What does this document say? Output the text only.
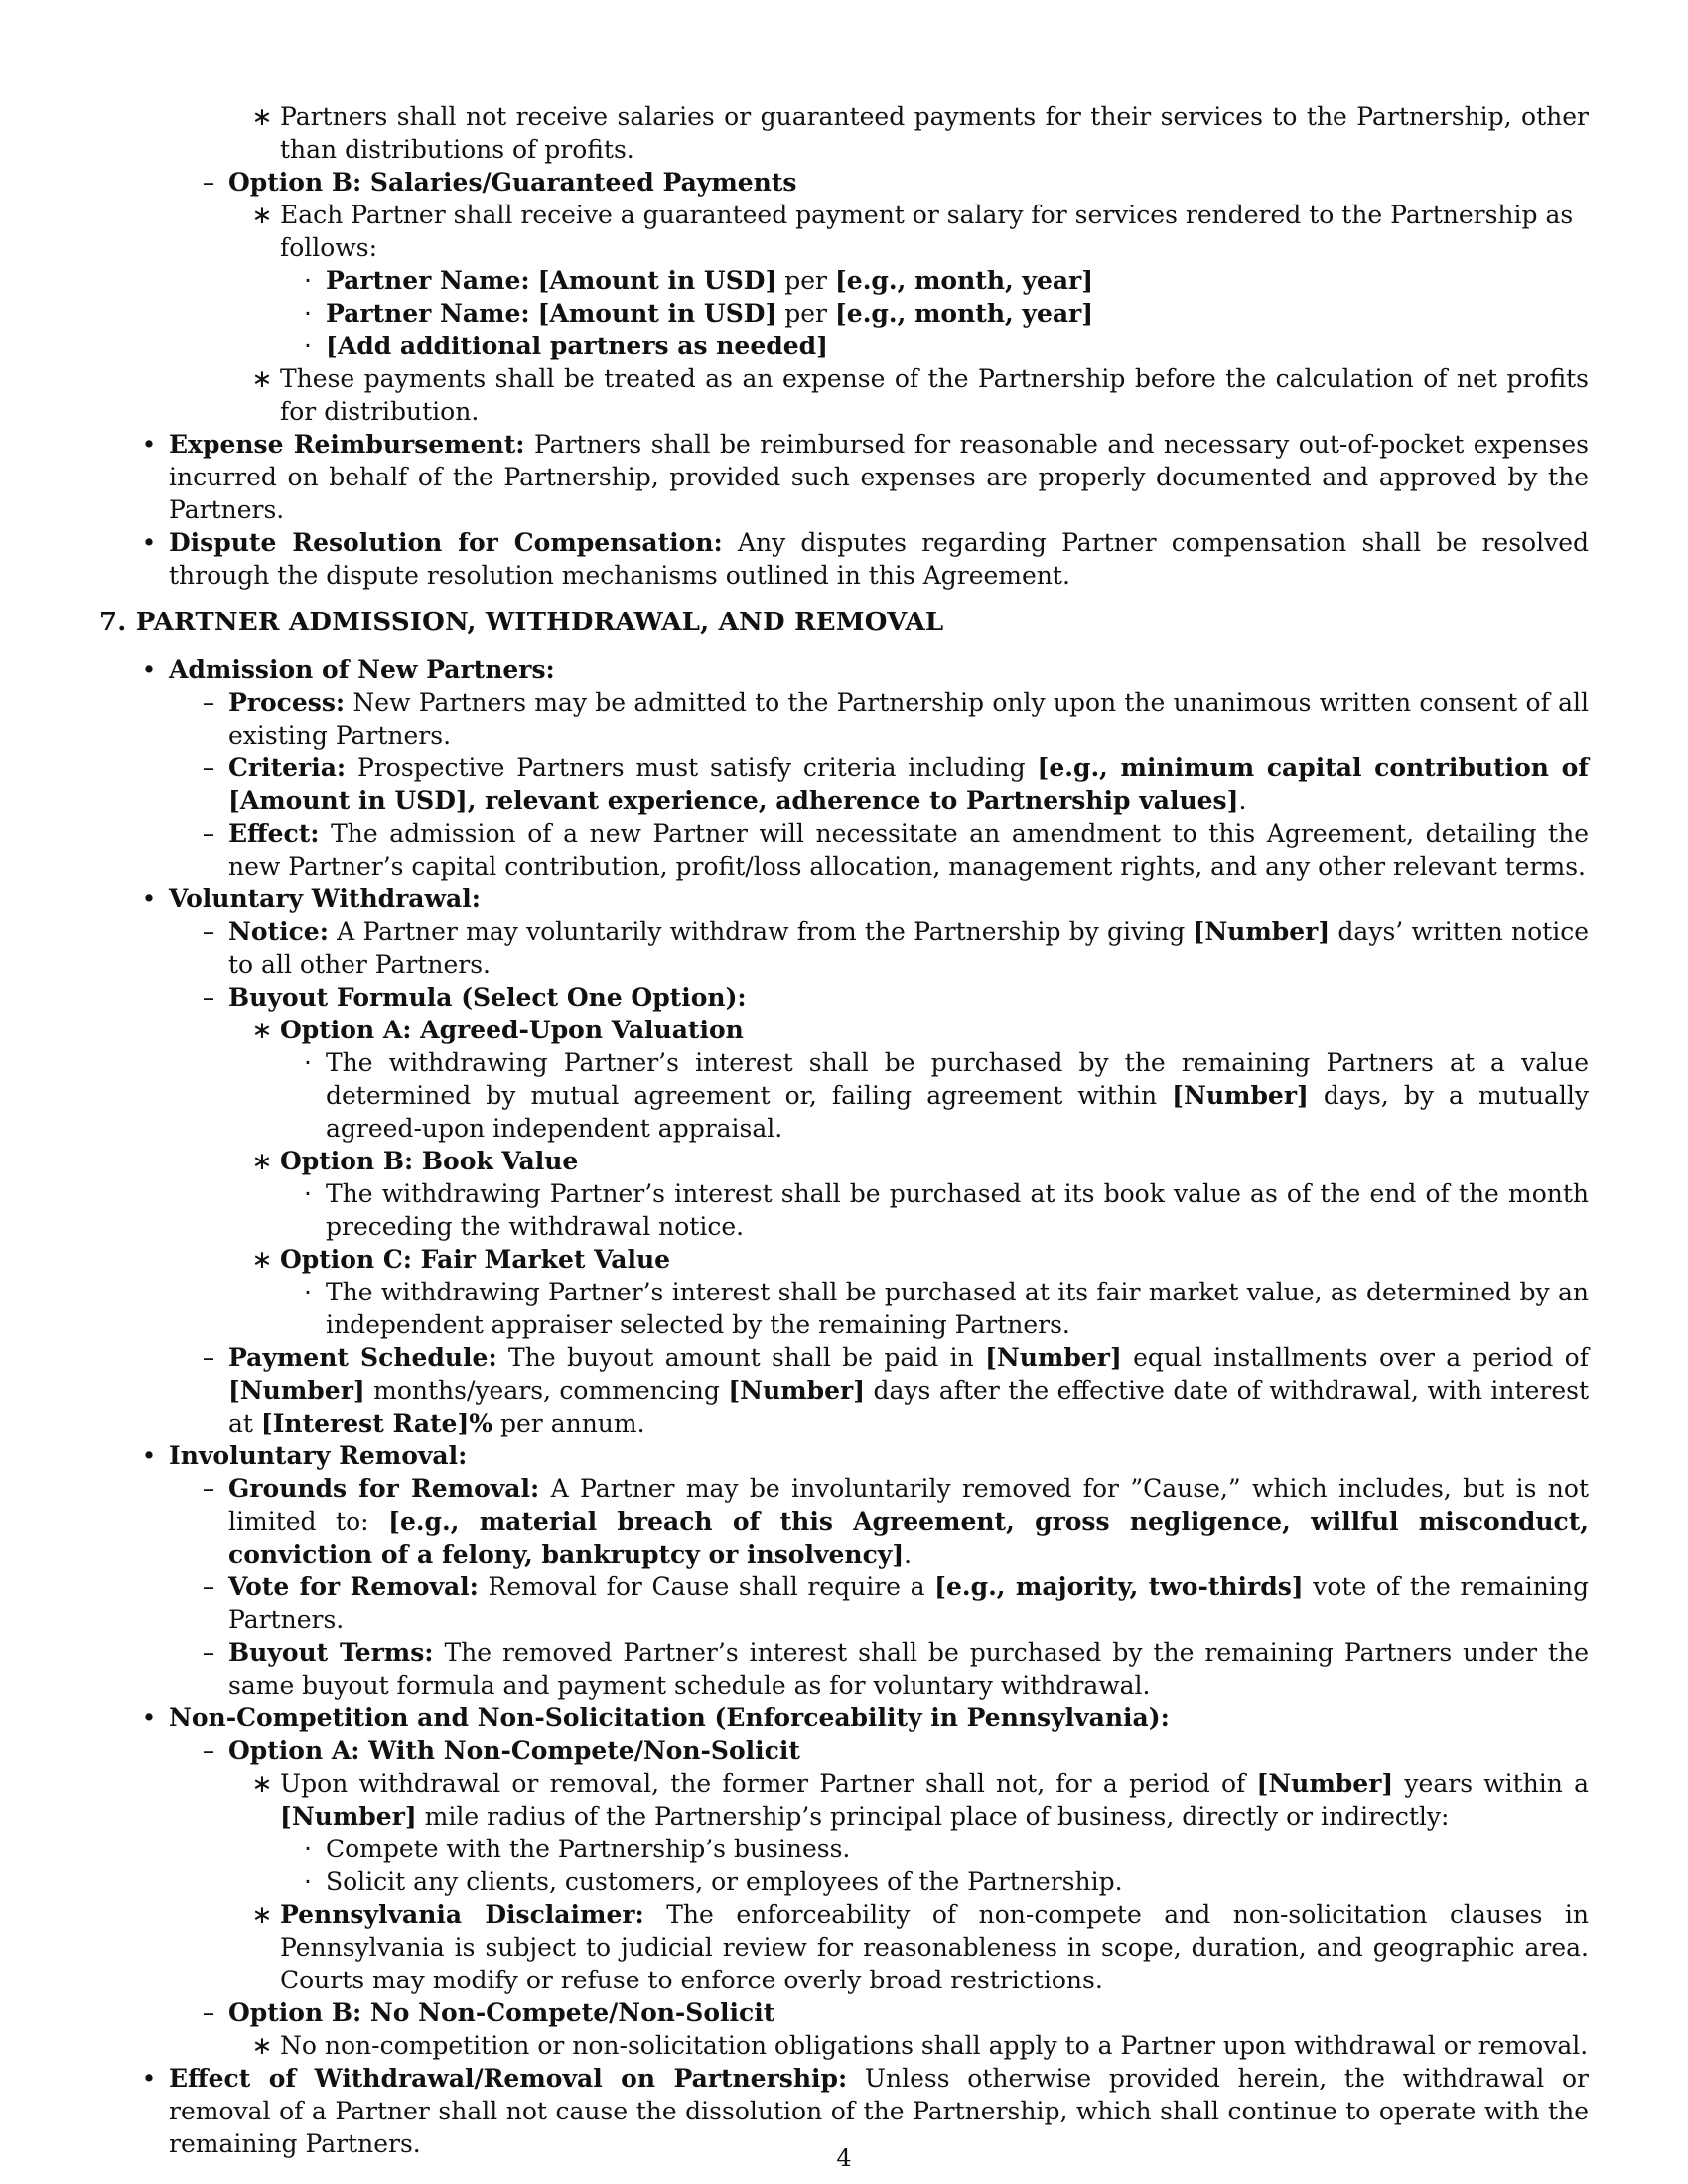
∗ Partners shall not receive salaries or guaranteed payments for their services to the Partnership, other than distributions of profits.
– Option B: Salaries/Guaranteed Payments
∗ Each Partner shall receive a guaranteed payment or salary for services rendered to the Partnership as follows:
· Partner Name: [Amount in USD] per [e.g., month, year]
· Partner Name: [Amount in USD] per [e.g., month, year]
· [Add additional partners as needed]
∗ These payments shall be treated as an expense of the Partnership before the calculation of net profits for distribution.
• Expense Reimbursement: Partners shall be reimbursed for reasonable and necessary out-of-pocket expenses incurred on behalf of the Partnership, provided such expenses are properly documented and approved by the Partners.
• Dispute Resolution for Compensation: Any disputes regarding Partner compensation shall be resolved through the dispute resolution mechanisms outlined in this Agreement.
7. PARTNER ADMISSION, WITHDRAWAL, AND REMOVAL
• Admission of New Partners:
– Process: New Partners may be admitted to the Partnership only upon the unanimous written consent of all existing Partners.
– Criteria: Prospective Partners must satisfy criteria including [e.g., minimum capital contribution of [Amount in USD], relevant experience, adherence to Partnership values].
– Effect: The admission of a new Partner will necessitate an amendment to this Agreement, detailing the new Partner’s capital contribution, profit/loss allocation, management rights, and any other relevant terms.
• Voluntary Withdrawal:
– Notice: A Partner may voluntarily withdraw from the Partnership by giving [Number] days’ written notice to all other Partners.
– Buyout Formula (Select One Option):
∗ Option A: Agreed-Upon Valuation
· The withdrawing Partner’s interest shall be purchased by the remaining Partners at a value determined by mutual agreement or, failing agreement within [Number] days, by a mutually agreed-upon independent appraisal.
∗ Option B: Book Value
· The withdrawing Partner’s interest shall be purchased at its book value as of the end of the month preceding the withdrawal notice.
∗ Option C: Fair Market Value
· The withdrawing Partner’s interest shall be purchased at its fair market value, as determined by an independent appraiser selected by the remaining Partners.
– Payment Schedule: The buyout amount shall be paid in [Number] equal installments over a period of [Number] months/years, commencing [Number] days after the effective date of withdrawal, with interest at [Interest Rate]% per annum.
• Involuntary Removal:
– Grounds for Removal: A Partner may be involuntarily removed for ”Cause,” which includes, but is not limited to: [e.g., material breach of this Agreement, gross negligence, willful misconduct, conviction of a felony, bankruptcy or insolvency].
– Vote for Removal: Removal for Cause shall require a [e.g., majority, two-thirds] vote of the remaining Partners.
– Buyout Terms: The removed Partner’s interest shall be purchased by the remaining Partners under the same buyout formula and payment schedule as for voluntary withdrawal.
• Non-Competition and Non-Solicitation (Enforceability in Pennsylvania):
– Option A: With Non-Compete/Non-Solicit
∗ Upon withdrawal or removal, the former Partner shall not, for a period of [Number] years within a [Number] mile radius of the Partnership’s principal place of business, directly or indirectly:
· Compete with the Partnership’s business.
· Solicit any clients, customers, or employees of the Partnership.
∗ Pennsylvania Disclaimer: The enforceability of non-compete and non-solicitation clauses in Pennsylvania is subject to judicial review for reasonableness in scope, duration, and geographic area. Courts may modify or refuse to enforce overly broad restrictions.
– Option B: No Non-Compete/Non-Solicit
∗ No non-competition or non-solicitation obligations shall apply to a Partner upon withdrawal or removal.
• Effect of Withdrawal/Removal on Partnership: Unless otherwise provided herein, the withdrawal or removal of a Partner shall not cause the dissolution of the Partnership, which shall continue to operate with the remaining Partners.	4
